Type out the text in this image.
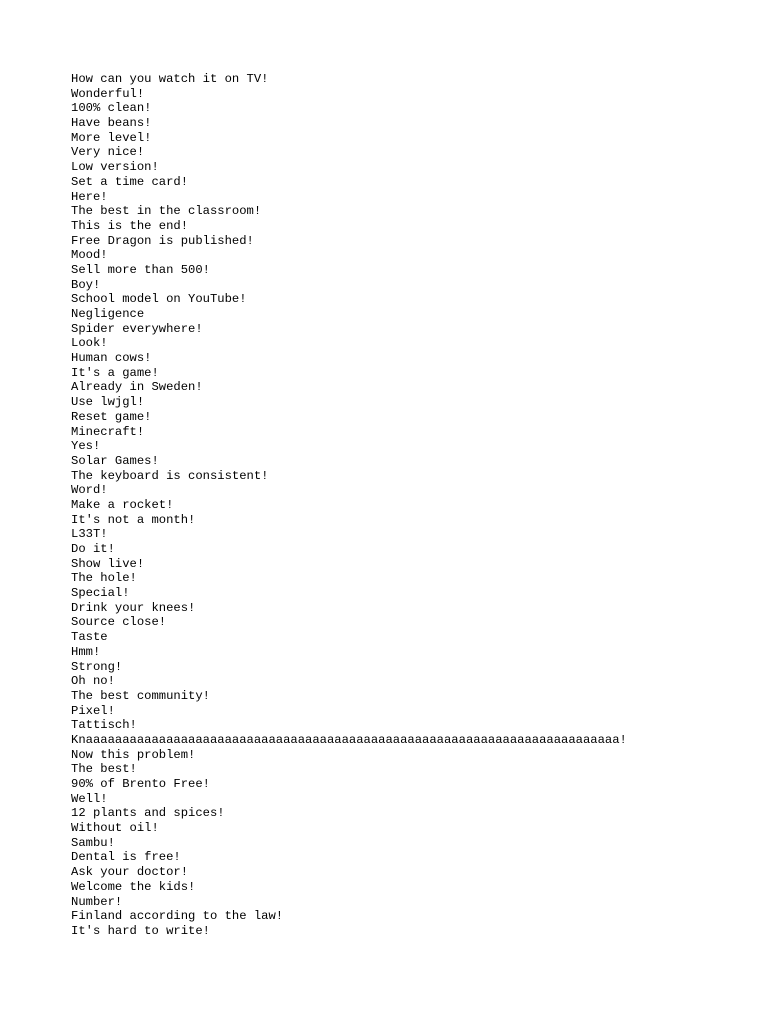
How can you watch it on TV!
Wonderful!
100% clean!
Have beans!
More level!
Very nice!
Low version!
Set a time card!
Here!
The best in the classroom!
This is the end!
Free Dragon is published!
Mood!
Sell more than 500!
Boy!
School model on YouTube!
Negligence
Spider everywhere!
Look!
Human cows!
It's a game!
Already in Sweden!
Use lwjgl!
Reset game!
Minecraft!
Yes!
Solar Games!
The keyboard is consistent!
Word!
Make a rocket!
It's not a month!
L33T!
Do it!
Show live!
The hole!
Special!
Drink your knees!
Source close!
Taste
Hmm!
Strong!
Oh no!
The best community!
Pixel!
Tattisch!
Knaaaaaaaaaaaaaaaaaaaaaaaaaaaaaaaaaaaaaaaaaaaaaaaaaaaaaaaaaaaaaaaaaaaaaaaaa!
Now this problem!
The best!
90% of Brento Free!
Well!
12 plants and spices!
Without oil!
Sambu!
Dental is free!
Ask your doctor!
Welcome the kids!
Number!
Finland according to the law!
It's hard to write!
